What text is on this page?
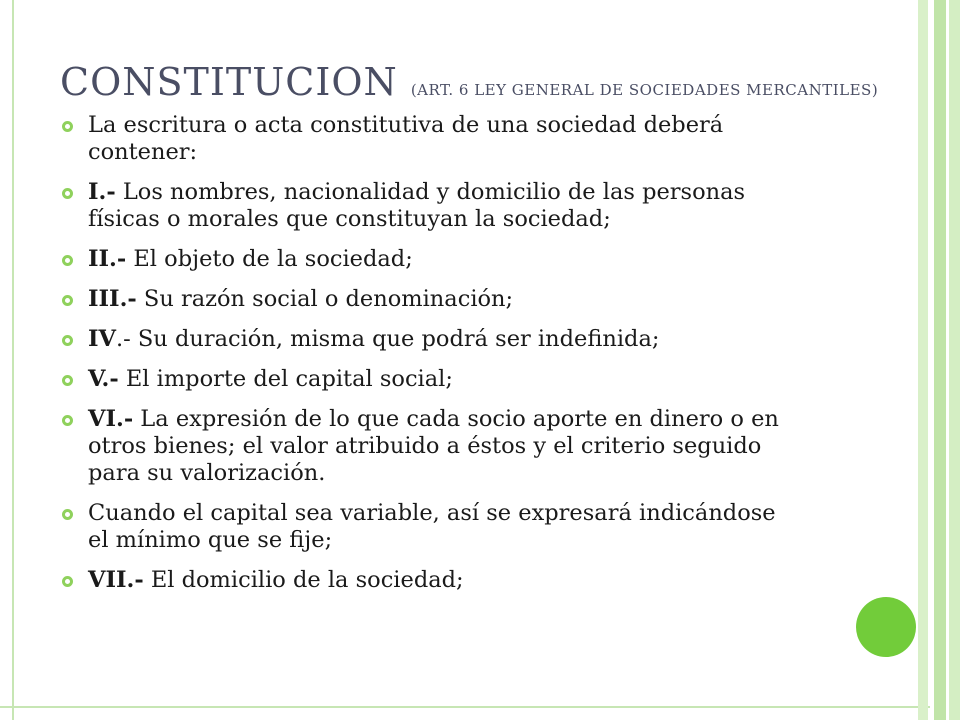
CONSTITUCION (ART. 6 LEY GENERAL DE SOCIEDADES MERCANTILES)
La escritura o acta constitutiva de una sociedad deberá contener:
I.- Los nombres, nacionalidad y domicilio de las personas físicas o morales que constituyan la sociedad;
II.- El objeto de la sociedad;
III.- Su razón social o denominación;
IV.- Su duración, misma que podrá ser indefinida;
V.- El importe del capital social;
VI.- La expresión de lo que cada socio aporte en dinero o en otros bienes; el valor atribuido a éstos y el criterio seguido para su valorización.
Cuando el capital sea variable, así se expresará indicándose el mínimo que se fije;
VII.- El domicilio de la sociedad;
